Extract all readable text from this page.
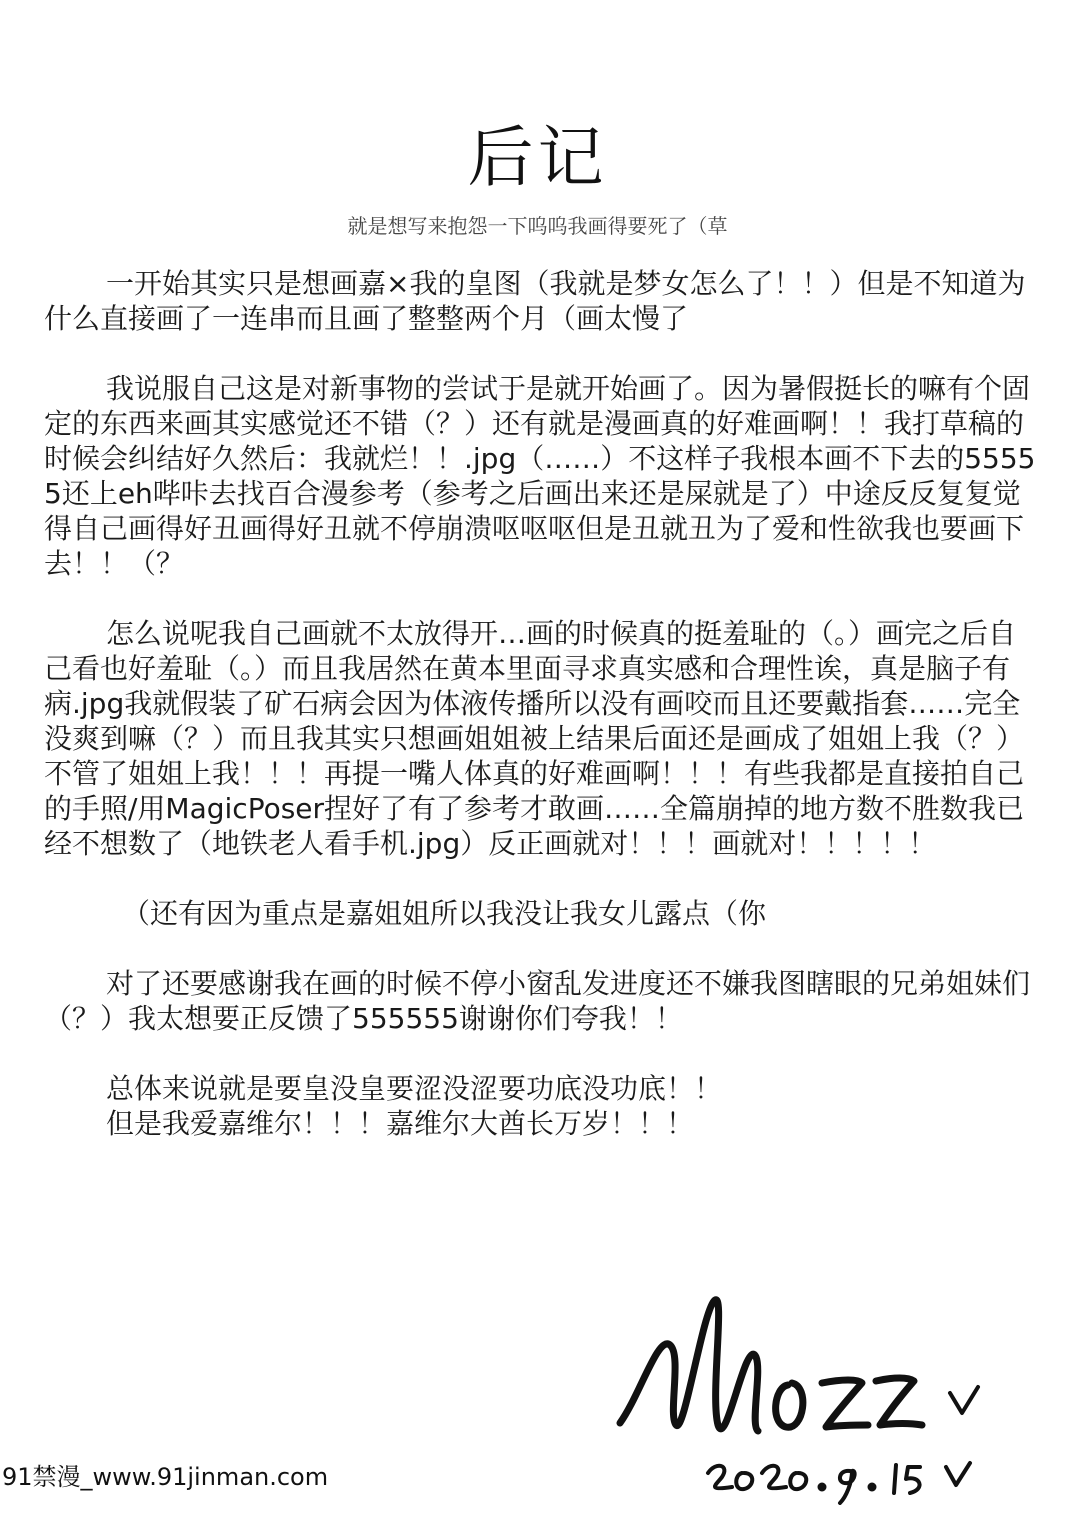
后记
就是想写来抱怨一下呜呜我画得要死了（草

一开始其实只是想画嘉×我的皇图（我就是梦女怎么了！！）但是不知道为什么直接画了一连串而且画了整整两个月（画太慢了

我说服自己这是对新事物的尝试于是就开始画了。因为暑假挺长的嘛有个固定的东西来画其实感觉还不错（？）还有就是漫画真的好难画啊！！我打草稿的时候会纠结好久然后：我就烂！！.jpg（……）不这样子我根本画不下去的55555还上eh哔咔去找百合漫参考（参考之后画出来还是屎就是了）中途反反复复觉得自己画得好丑画得好丑就不停崩溃呕呕呕但是丑就丑为了爱和性欲我也要画下去！！（？

怎么说呢我自己画就不太放得开…画的时候真的挺羞耻的（。）画完之后自己看也好羞耻（。）而且我居然在黄本里面寻求真实感和合理性诶，真是脑子有病.jpg我就假装了矿石病会因为体液传播所以没有画咬而且还要戴指套……完全没爽到嘛（？）而且我其实只想画姐姐被上结果后面还是画成了姐姐上我（？）不管了姐姐上我！！！再提一嘴人体真的好难画啊！！！有些我都是直接拍自己的手照/用MagicPoser捏好了有了参考才敢画……全篇崩掉的地方数不胜数我已经不想数了（地铁老人看手机.jpg）反正画就对！！！画就对！！！！！

（还有因为重点是嘉姐姐所以我没让我女儿露点（你

对了还要感谢我在画的时候不停小窗乱发进度还不嫌我图瞎眼的兄弟姐妹们（？）我太想要正反馈了555555谢谢你们夸我！！

总体来说就是要皇没皇要涩没涩要功底没功底！！

但是我爱嘉维尔！！！嘉维尔大酋长万岁！！！

91禁漫_www.91jinman.com
